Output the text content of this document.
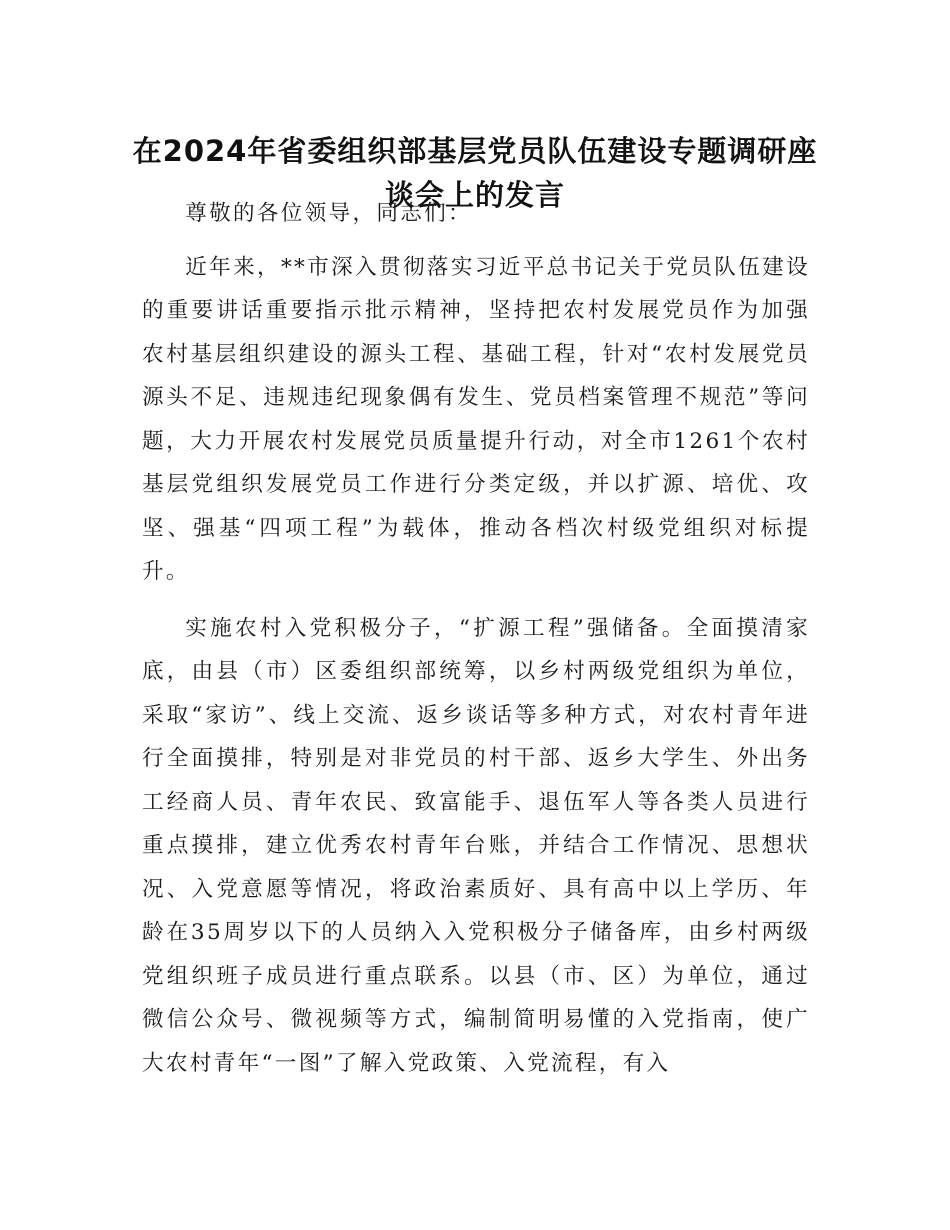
在2024年省委组织部基层党员队伍建设专题调研座谈会上的发言

尊敬的各位领导，同志们：

近年来，**市深入贯彻落实习近平总书记关于党员队伍建设的重要讲话重要指示批示精神，坚持把农村发展党员作为加强农村基层组织建设的源头工程、基础工程，针对“农村发展党员源头不足、违规违纪现象偶有发生、党员档案管理不规范”等问题，大力开展农村发展党员质量提升行动，对全市1261个农村基层党组织发展党员工作进行分类定级，并以扩源、培优、攻坚、强基“四项工程”为载体，推动各档次村级党组织对标提升。

实施农村入党积极分子，“扩源工程”强储备。全面摸清家底，由县（市）区委组织部统筹，以乡村两级党组织为单位，采取“家访”、线上交流、返乡谈话等多种方式，对农村青年进行全面摸排，特别是对非党员的村干部、返乡大学生、外出务工经商人员、青年农民、致富能手、退伍军人等各类人员进行重点摸排，建立优秀农村青年台账，并结合工作情况、思想状况、入党意愿等情况，将政治素质好、具有高中以上学历、年龄在35周岁以下的人员纳入入党积极分子储备库，由乡村两级党组织班子成员进行重点联系。以县（市、区）为单位，通过微信公众号、微视频等方式，编制简明易懂的入党指南，使广大农村青年“一图”了解入党政策、入党流程，有入
